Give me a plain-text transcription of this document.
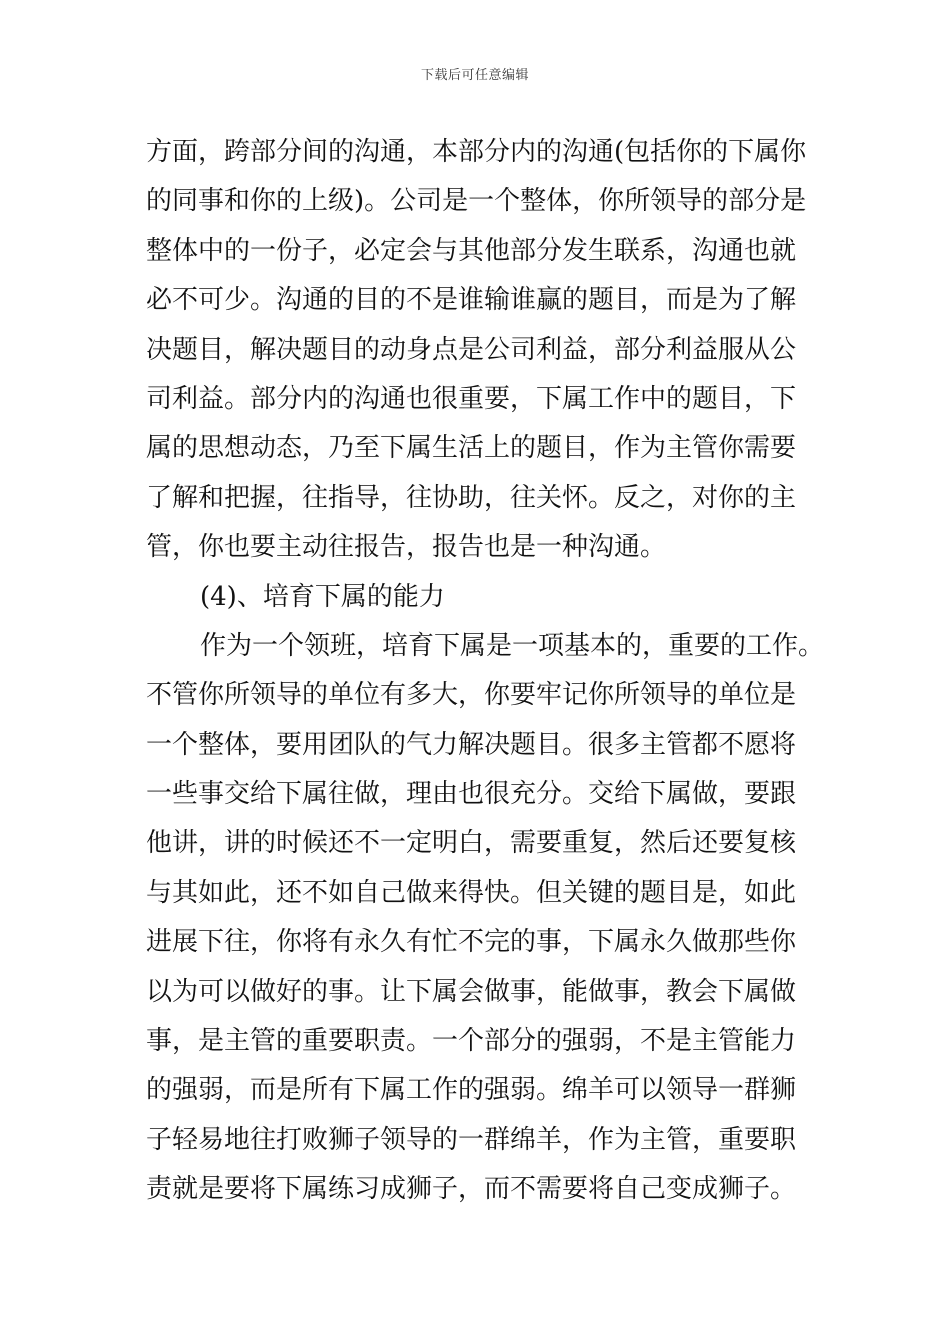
下载后可任意编辑
方面，跨部分间的沟通，本部分内的沟通(包括你的下属你
的同事和你的上级)。公司是一个整体，你所领导的部分是
整体中的一份子，必定会与其他部分发生联系，沟通也就
必不可少。沟通的目的不是谁输谁赢的题目，而是为了解
决题目，解决题目的动身点是公司利益，部分利益服从公
司利益。部分内的沟通也很重要，下属工作中的题目，下
属的思想动态，乃至下属生活上的题目，作为主管你需要
了解和把握，往指导，往协助，往关怀。反之，对你的主
管，你也要主动往报告，报告也是一种沟通。
(4)、培育下属的能力
作为一个领班，培育下属是一项基本的，重要的工作。
不管你所领导的单位有多大，你要牢记你所领导的单位是
一个整体，要用团队的气力解决题目。很多主管都不愿将
一些事交给下属往做，理由也很充分。交给下属做，要跟
他讲，讲的时候还不一定明白，需要重复，然后还要复核
与其如此，还不如自己做来得快。但关键的题目是，如此
进展下往，你将有永久有忙不完的事，下属永久做那些你
以为可以做好的事。让下属会做事，能做事，教会下属做
事，是主管的重要职责。一个部分的强弱，不是主管能力
的强弱，而是所有下属工作的强弱。绵羊可以领导一群狮
子轻易地往打败狮子领导的一群绵羊，作为主管，重要职
责就是要将下属练习成狮子，而不需要将自己变成狮子。
